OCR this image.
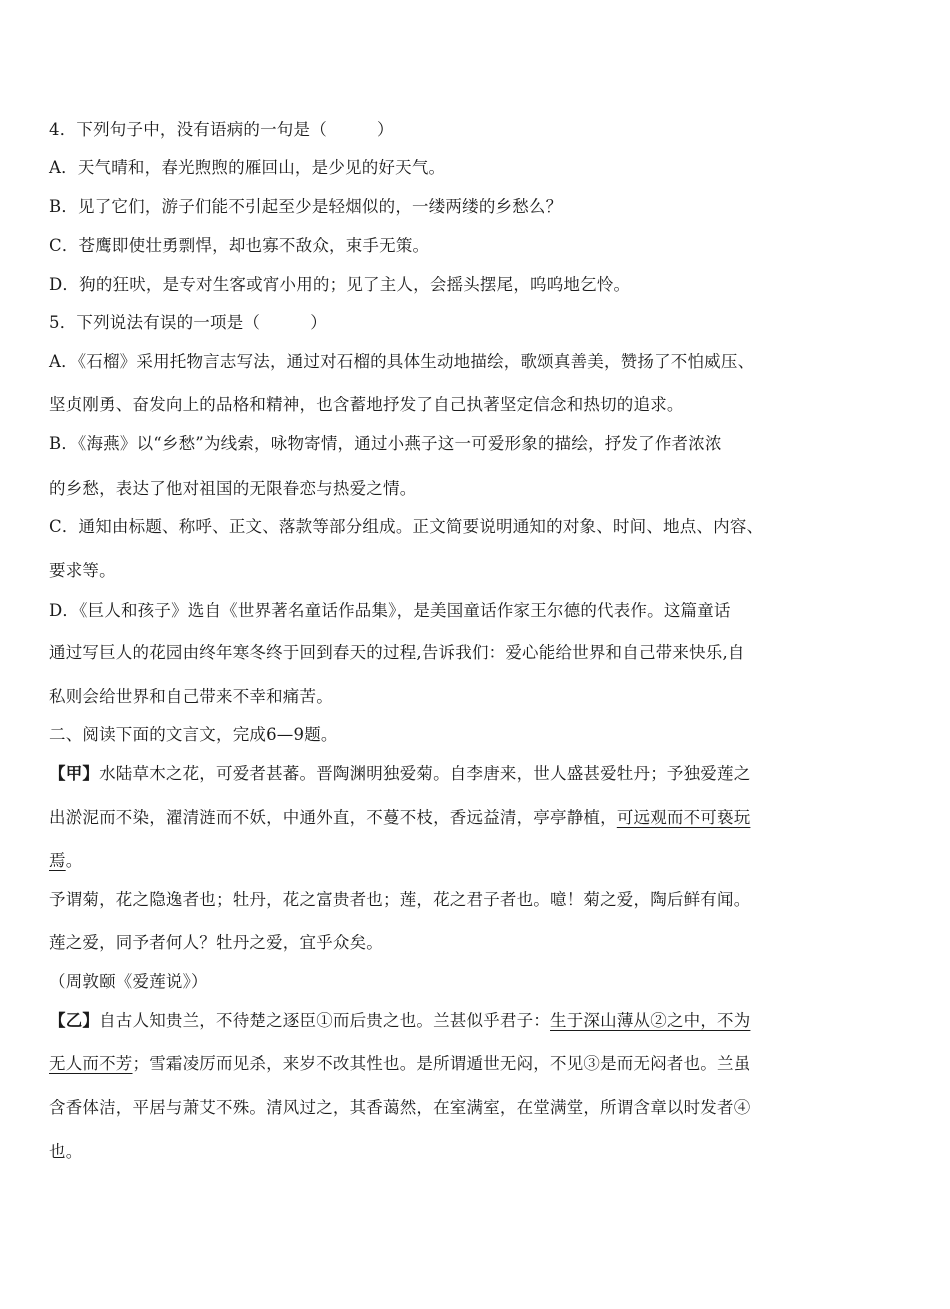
4．下列句子中，没有语病的一句是（　　　）
A．天气晴和，春光煦煦的雁回山，是少见的好天气。
B．见了它们，游子们能不引起至少是轻烟似的，一缕两缕的乡愁么？
C．苍鹰即使壮勇剽悍，却也寡不敌众，束手无策。
D．狗的狂吠，是专对生客或宵小用的；见了主人，会摇头摆尾，呜呜地乞怜。
5．下列说法有误的一项是（　　　）
A．《石榴》采用托物言志写法，通过对石榴的具体生动地描绘，歌颂真善美，赞扬了不怕威压、
坚贞刚勇、奋发向上的品格和精神，也含蓄地抒发了自己执著坚定信念和热切的追求。
B．《海燕》以“乡愁”为线索，咏物寄情，通过小燕子这一可爱形象的描绘，抒发了作者浓浓
的乡愁，表达了他对祖国的无限眷恋与热爱之情。
C．通知由标题、称呼、正文、落款等部分组成。正文简要说明通知的对象、时间、地点、内容、
要求等。
D．《巨人和孩子》选自《世界著名童话作品集》，是美国童话作家王尔德的代表作。这篇童话
通过写巨人的花园由终年寒冬终于回到春天的过程,告诉我们：爱心能给世界和自己带来快乐,自
私则会给世界和自己带来不幸和痛苦。
二、阅读下面的文言文，完成6—9题。
【甲】水陆草木之花，可爱者甚蕃。晋陶渊明独爱菊。自李唐来，世人盛甚爱牡丹；予独爱莲之
出淤泥而不染，濯清涟而不妖，中通外直，不蔓不枝，香远益清，亭亭静植，可远观而不可亵玩
焉。
予谓菊，花之隐逸者也；牡丹，花之富贵者也；莲，花之君子者也。噫！菊之爱，陶后鲜有闻。
莲之爱，同予者何人？牡丹之爱，宜乎众矣。
（周敦颐《爱莲说》）
【乙】自古人知贵兰，不待楚之逐臣①而后贵之也。兰甚似乎君子：生于深山薄从②之中，不为
无人而不芳；雪霜凌厉而见杀，来岁不改其性也。是所谓遁世无闷，不见③是而无闷者也。兰虽
含香体洁，平居与萧艾不殊。清风过之，其香蔼然，在室满室，在堂满堂，所谓含章以时发者④
也。
